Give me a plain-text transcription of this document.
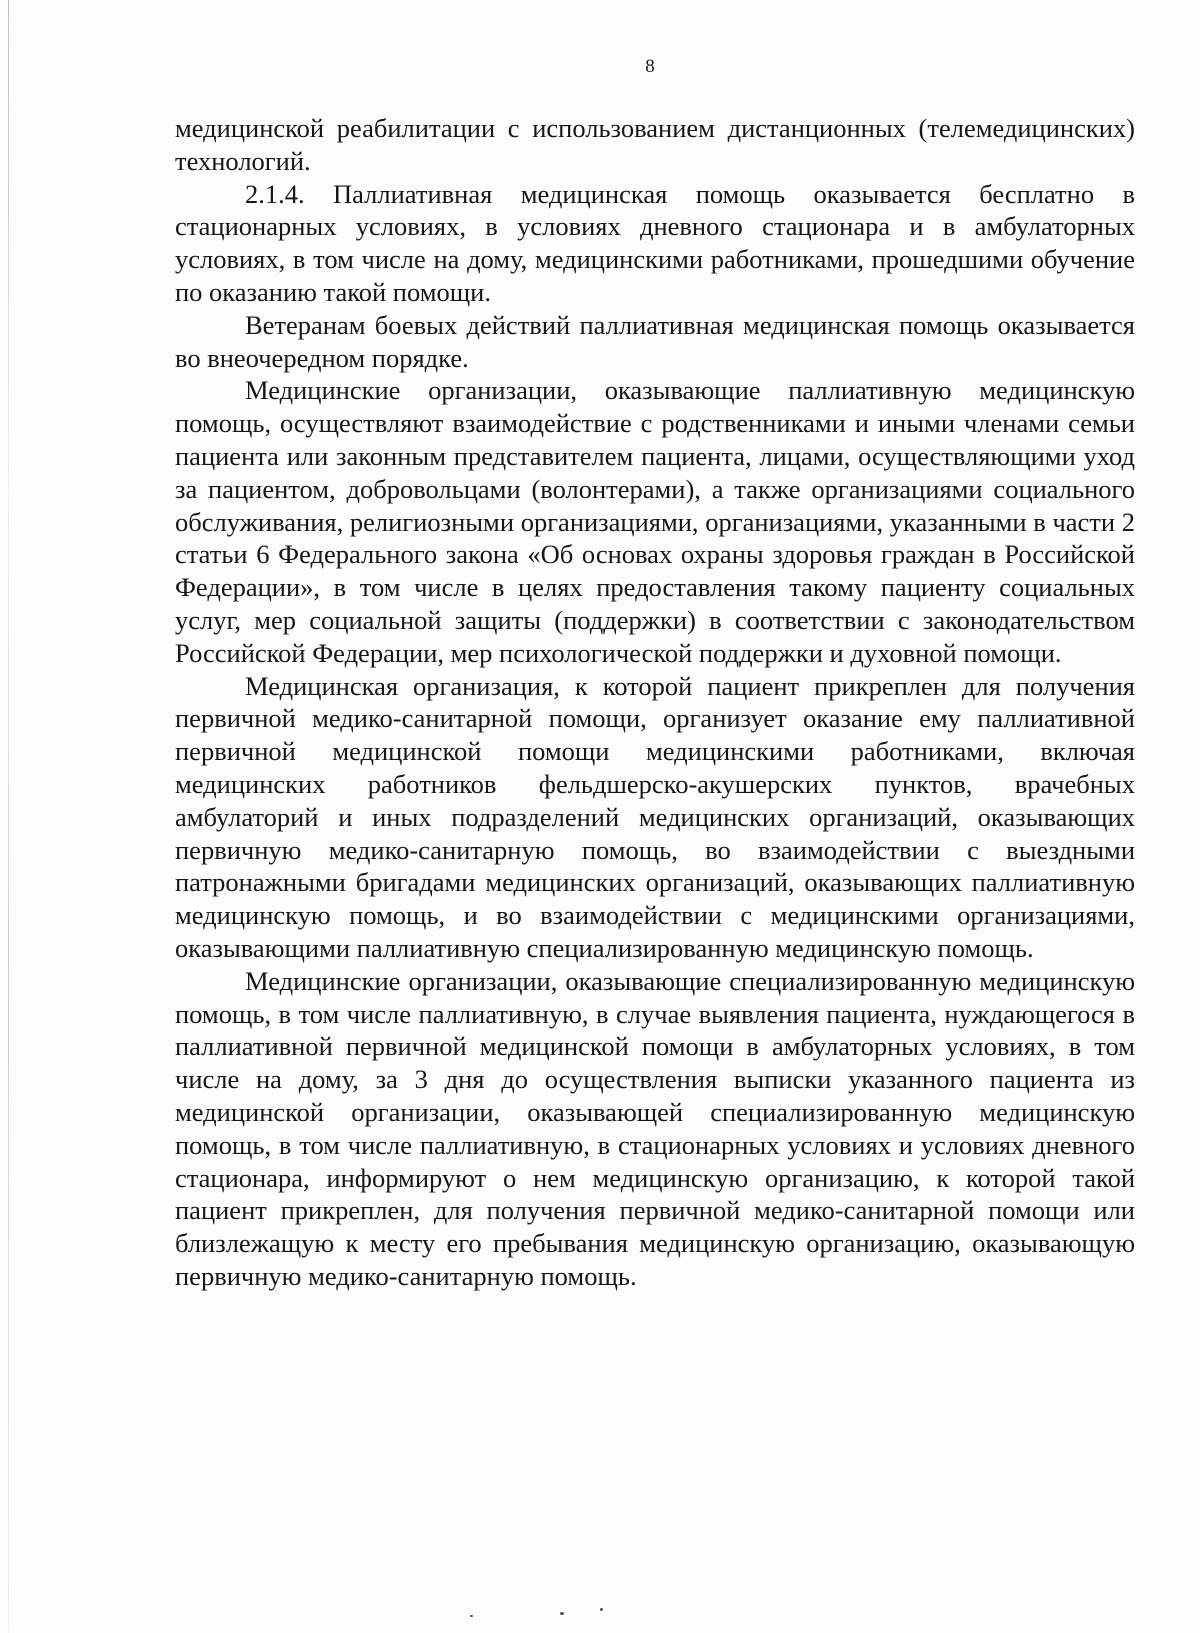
8

медицинской реабилитации с использованием дистанционных (телемедицинских) технологий.

2.1.4. Паллиативная медицинская помощь оказывается бесплатно в стационарных условиях, в условиях дневного стационара и в амбулаторных условиях, в том числе на дому, медицинскими работниками, прошедшими обучение по оказанию такой помощи.

Ветеранам боевых действий паллиативная медицинская помощь оказывается во внеочередном порядке.

Медицинские организации, оказывающие паллиативную медицинскую помощь, осуществляют взаимодействие с родственниками и иными членами семьи пациента или законным представителем пациента, лицами, осуществляющими уход за пациентом, добровольцами (волонтерами), а также организациями социального обслуживания, религиозными организациями, организациями, указанными в части 2 статьи 6 Федерального закона «Об основах охраны здоровья граждан в Российской Федерации», в том числе в целях предоставления такому пациенту социальных услуг, мер социальной защиты (поддержки) в соответствии с законодательством Российской Федерации, мер психологической поддержки и духовной помощи.

Медицинская организация, к которой пациент прикреплен для получения первичной медико-санитарной помощи, организует оказание ему паллиативной первичной медицинской помощи медицинскими работниками, включая медицинских работников фельдшерско-акушерских пунктов, врачебных амбулаторий и иных подразделений медицинских организаций, оказывающих первичную медико-санитарную помощь, во взаимодействии с выездными патронажными бригадами медицинских организаций, оказывающих паллиативную медицинскую помощь, и во взаимодействии с медицинскими организациями, оказывающими паллиативную специализированную медицинскую помощь.

Медицинские организации, оказывающие специализированную медицинскую помощь, в том числе паллиативную, в случае выявления пациента, нуждающегося в паллиативной первичной медицинской помощи в амбулаторных условиях, в том числе на дому, за 3 дня до осуществления выписки указанного пациента из медицинской организации, оказывающей специализированную медицинскую помощь, в том числе паллиативную, в стационарных условиях и условиях дневного стационара, информируют о нем медицинскую организацию, к которой такой пациент прикреплен, для получения первичной медико-санитарной помощи или близлежащую к месту его пребывания медицинскую организацию, оказывающую первичную медико-санитарную помощь.
